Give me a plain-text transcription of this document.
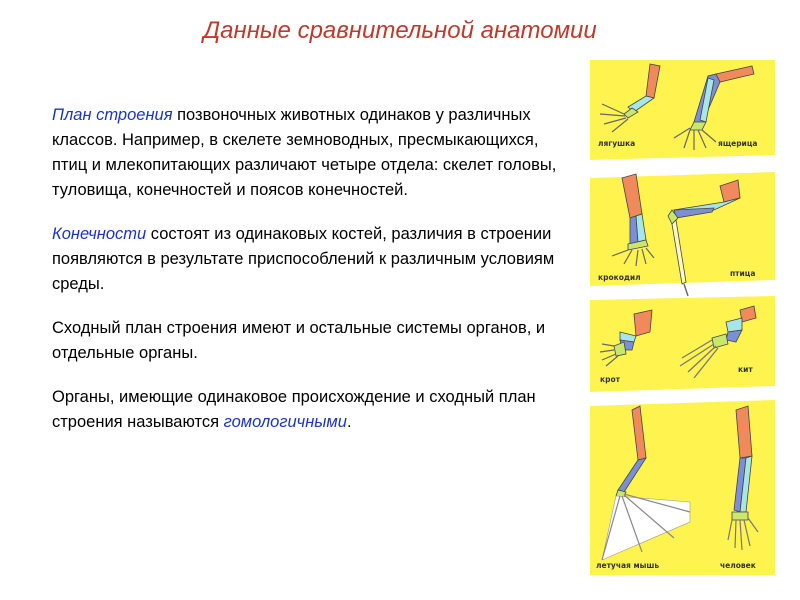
Данные сравнительной анатомии

План строения позвоночных животных одинаков у различных классов. Например, в скелете земноводных, пресмыкающихся, птиц и млекопитающих различают четыре отдела: скелет головы, туловища, конечностей и поясов конечностей.

Конечности состоят из одинаковых костей, различия в строении появляются в результате приспособлений к различным условиям среды.

Сходный план строения имеют и остальные системы органов, и отдельные органы.

Органы, имеющие одинаковое происхождение и сходный план строения называются гомологичными.

лягушка	ящерица
крокодил	птица
крот
кит
летучая мышь	человек
